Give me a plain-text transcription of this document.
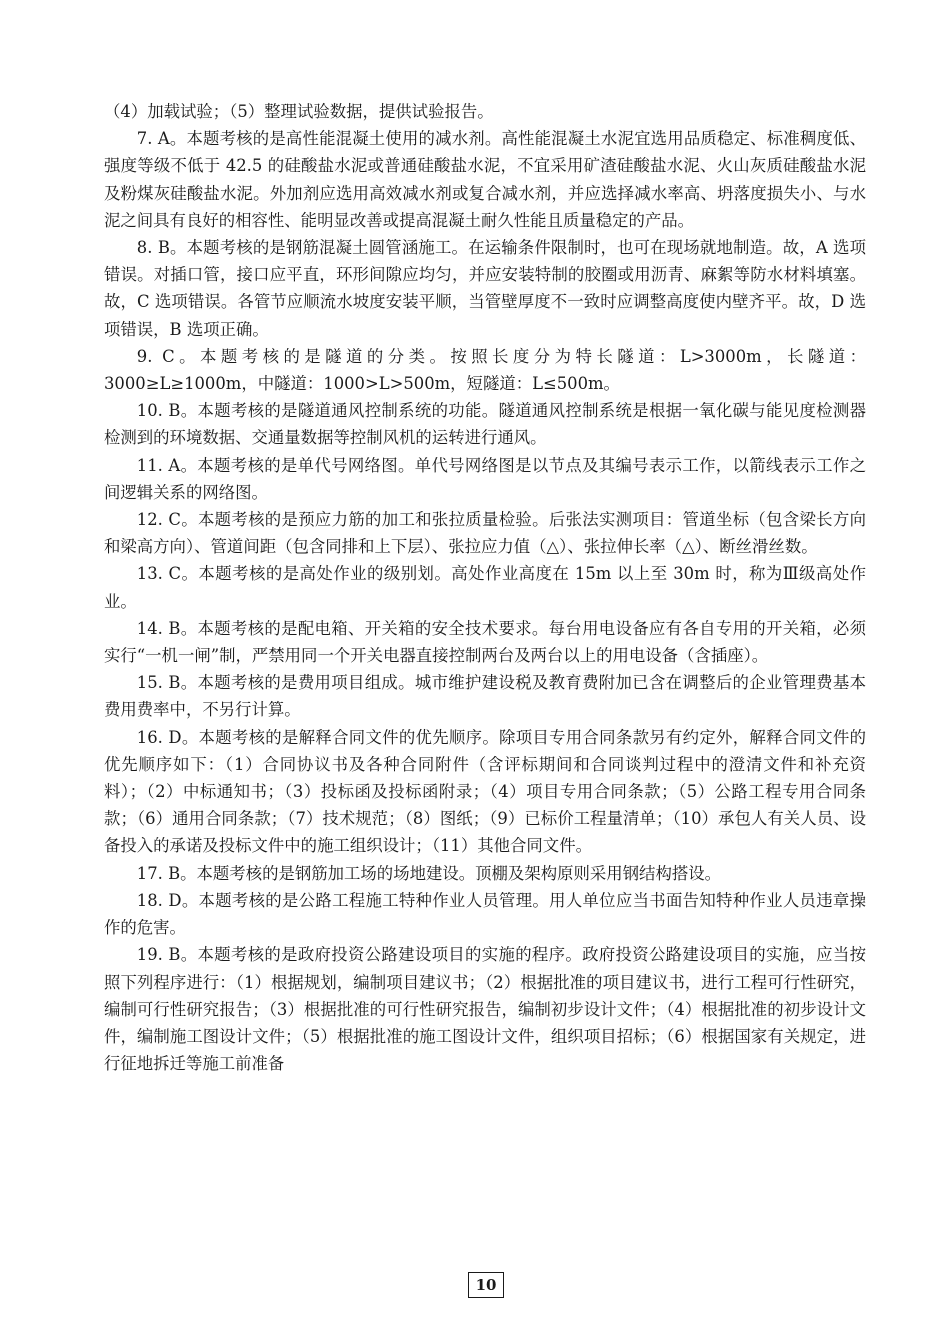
（4）加载试验；（5）整理试验数据，提供试验报告。

7. A。本题考核的是高性能混凝土使用的减水剂。高性能混凝土水泥宜选用品质稳定、标准稠度低、强度等级不低于 42.5 的硅酸盐水泥或普通硅酸盐水泥，不宜采用矿渣硅酸盐水泥、火山灰质硅酸盐水泥及粉煤灰硅酸盐水泥。外加剂应选用高效减水剂或复合减水剂，并应选择减水率高、坍落度损失小、与水泥之间具有良好的相容性、能明显改善或提高混凝土耐久性能且质量稳定的产品。

8. B。本题考核的是钢筋混凝土圆管涵施工。在运输条件限制时，也可在现场就地制造。故，A 选项错误。对插口管，接口应平直，环形间隙应均匀，并应安装特制的胶圈或用沥青、麻絮等防水材料填塞。故，C 选项错误。各管节应顺流水坡度安装平顺，当管壁厚度不一致时应调整高度使内壁齐平。故，D 选项错误，B 选项正确。

9. C。本题考核的是隧道的分类。按照长度分为特长隧道：L>3000m，长隧道：3000≥L≥1000m，中隧道：1000>L>500m，短隧道：L≤500m。

10. B。本题考核的是隧道通风控制系统的功能。隧道通风控制系统是根据一氧化碳与能见度检测器检测到的环境数据、交通量数据等控制风机的运转进行通风。

11. A。本题考核的是单代号网络图。单代号网络图是以节点及其编号表示工作，以箭线表示工作之间逻辑关系的网络图。

12. C。本题考核的是预应力筋的加工和张拉质量检验。后张法实测项目：管道坐标（包含梁长方向和梁高方向）、管道间距（包含同排和上下层）、张拉应力值（△）、张拉伸长率（△）、断丝滑丝数。

13. C。本题考核的是高处作业的级别划。高处作业高度在 15m 以上至 30m 时，称为Ⅲ级高处作业。

14. B。本题考核的是配电箱、开关箱的安全技术要求。每台用电设备应有各自专用的开关箱，必须实行“一机一闸”制，严禁用同一个开关电器直接控制两台及两台以上的用电设备（含插座）。

15. B。本题考核的是费用项目组成。城市维护建设税及教育费附加已含在调整后的企业管理费基本费用费率中，不另行计算。

16. D。本题考核的是解释合同文件的优先顺序。除项目专用合同条款另有约定外，解释合同文件的优先顺序如下：（1）合同协议书及各种合同附件（含评标期间和合同谈判过程中的澄清文件和补充资料）；（2）中标通知书；（3）投标函及投标函附录；（4）项目专用合同条款；（5）公路工程专用合同条款；（6）通用合同条款；（7）技术规范；（8）图纸；（9）已标价工程量清单；（10）承包人有关人员、设备投入的承诺及投标文件中的施工组织设计；（11）其他合同文件。

17. B。本题考核的是钢筋加工场的场地建设。顶棚及架构原则采用钢结构搭设。

18. D。本题考核的是公路工程施工特种作业人员管理。用人单位应当书面告知特种作业人员违章操作的危害。

19. B。本题考核的是政府投资公路建设项目的实施的程序。政府投资公路建设项目的实施，应当按照下列程序进行：（1）根据规划，编制项目建议书；（2）根据批准的项目建议书，进行工程可行性研究，编制可行性研究报告；（3）根据批准的可行性研究报告，编制初步设计文件；（4）根据批准的初步设计文件，编制施工图设计文件；（5）根据批准的施工图设计文件，组织项目招标；（6）根据国家有关规定，进行征地拆迁等施工前准备

10
